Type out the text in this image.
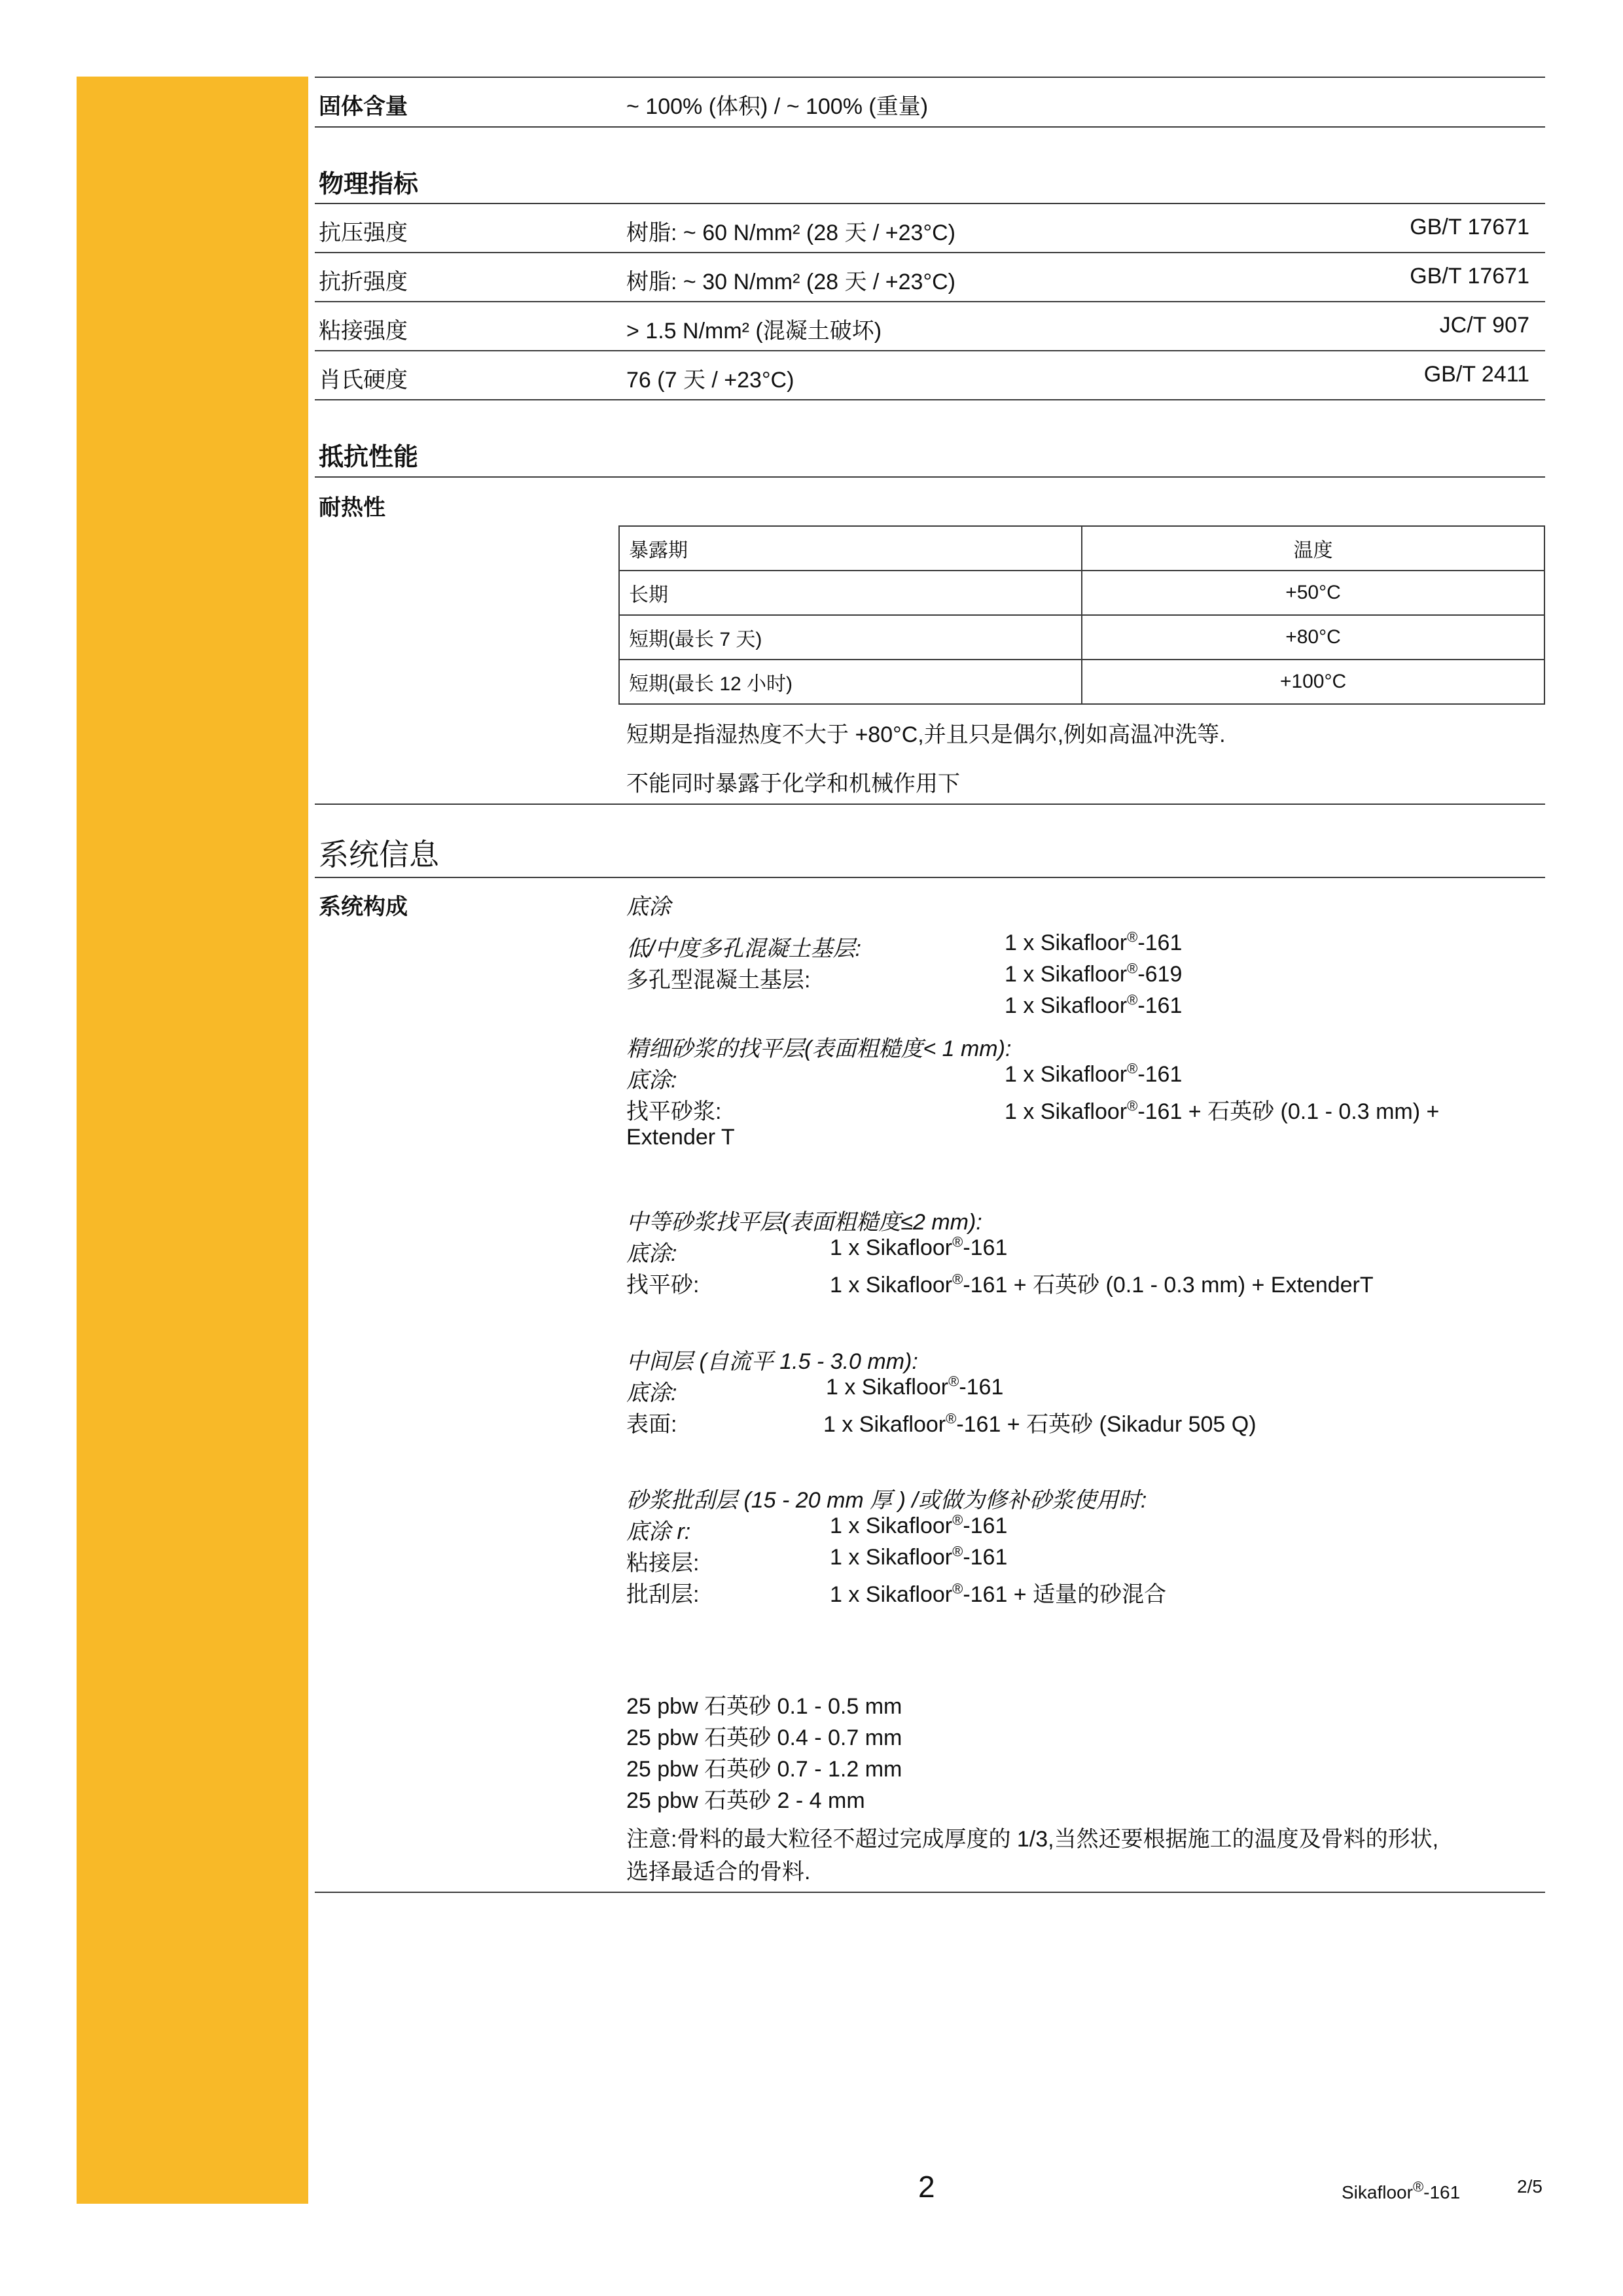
固体含量	~ 100% (体积) / ~ 100% (重量)
物理指标
抗压强度	树脂: ~ 60 N/mm² (28 天 / +23°C)	GB/T 17671
抗折强度	树脂: ~ 30 N/mm² (28 天 / +23°C)	GB/T 17671
粘接强度	> 1.5 N/mm² (混凝土破坏)	JC/T 907
肖氏硬度	76 (7 天 / +23°C)	GB/T 2411
抵抗性能
耐热性
暴露期	温度
长期	+50°C
短期(最长 7 天)	+80°C
短期(最长 12 小时)	+100°C
短期是指湿热度不大于 +80°C,并且只是偶尔,例如高温冲洗等.
不能同时暴露于化学和机械作用下
系统信息
系统构成	底涂
低/中度多孔混凝土基层:	1 x Sikafloor®-161
多孔型混凝土基层:	1 x Sikafloor®-619
1 x Sikafloor®-161
精细砂浆的找平层(表面粗糙度< 1 mm):
底涂:	1 x Sikafloor®-161
找平砂浆:	1 x Sikafloor®-161 + 石英砂 (0.1 - 0.3 mm) +
Extender T
中等砂浆找平层(表面粗糙度≤2 mm):
底涂:	1 x Sikafloor®-161
找平砂:	1 x Sikafloor®-161 + 石英砂 (0.1 - 0.3 mm) + ExtenderT
中间层 (自流平 1.5 - 3.0 mm):
底涂:	1 x Sikafloor®-161
表面:	1 x Sikafloor®-161 + 石英砂 (Sikadur 505 Q)
砂浆批刮层 (15 - 20 mm 厚 ) /或做为修补砂浆使用时:
底涂 r:	1 x Sikafloor®-161
粘接层:	1 x Sikafloor®-161
批刮层:	1 x Sikafloor®-161 + 适量的砂混合
25 pbw 石英砂 0.1 - 0.5 mm
25 pbw 石英砂 0.4 - 0.7 mm
25 pbw 石英砂 0.7 - 1.2 mm
25 pbw 石英砂 2 - 4 mm
注意:骨料的最大粒径不超过完成厚度的 1/3,当然还要根据施工的温度及骨料的形状,
选择最适合的骨料.
2	Sikafloor®-161	2/5
